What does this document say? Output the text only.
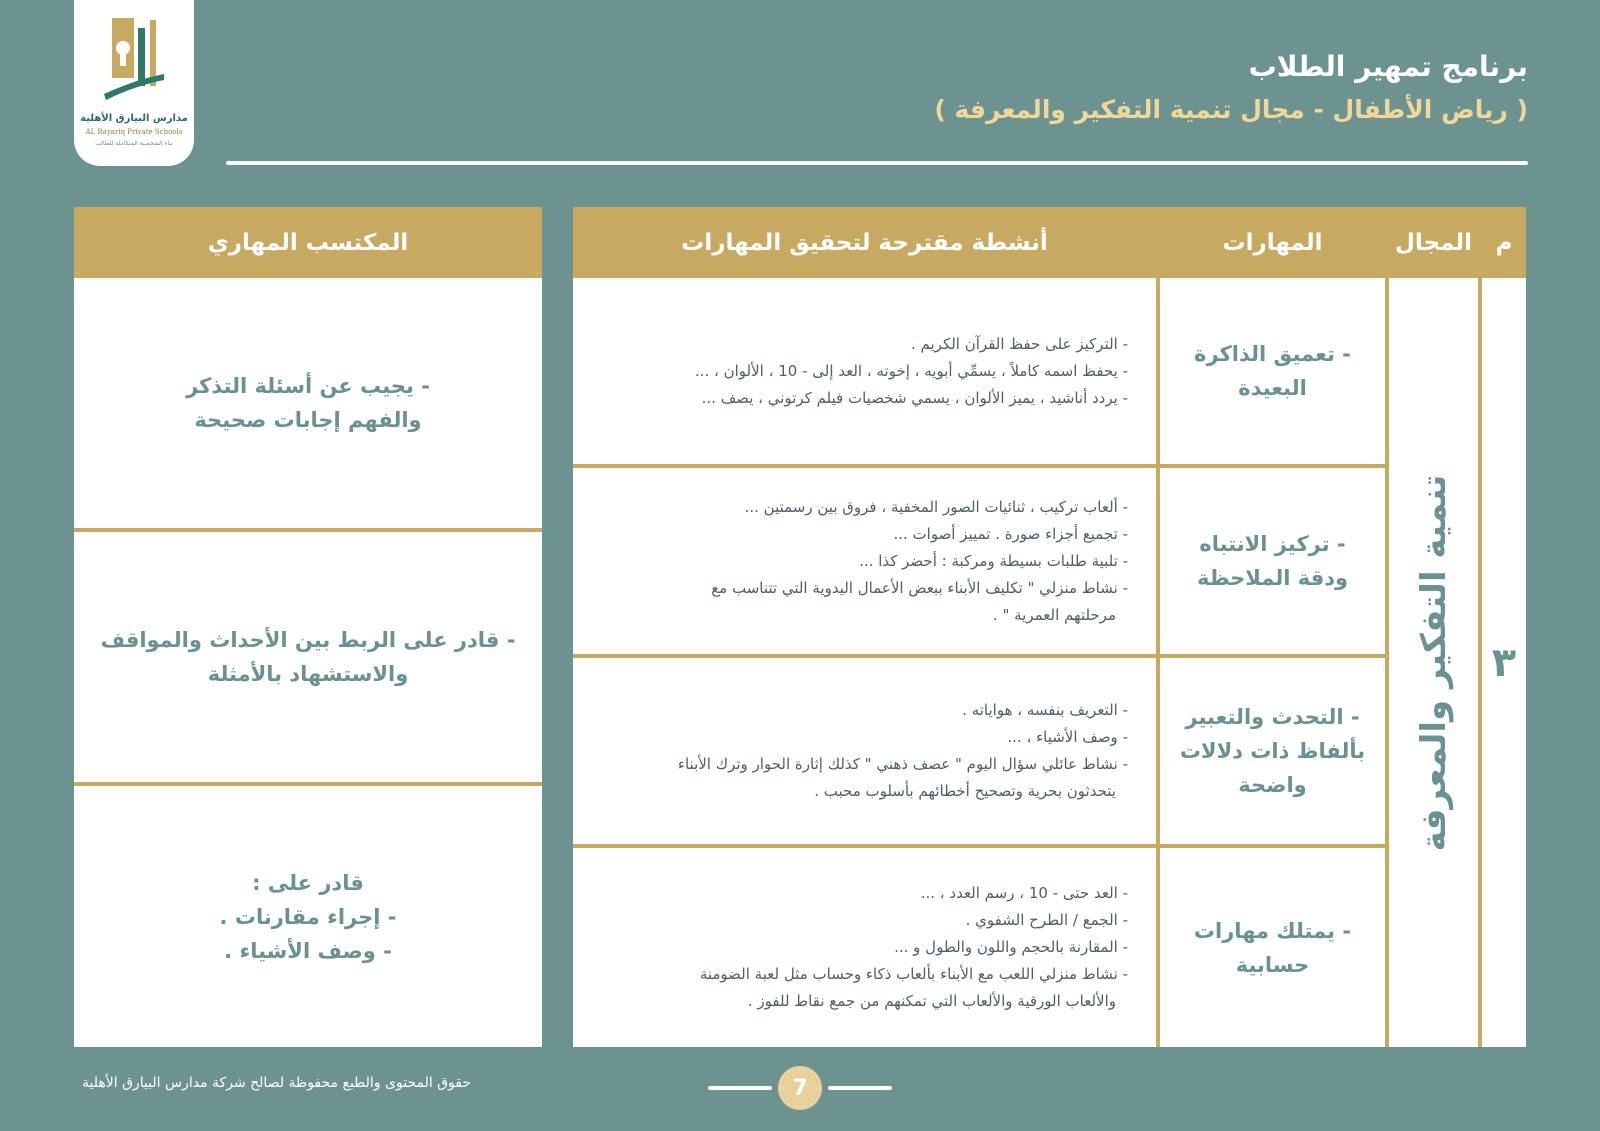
مدارس البيارق الأهلية
AL Bayariq Private Schools
بناء الشخصية المتكاملة للطالب
برنامج تمهير الطلاب
( رياض الأطفال - مجال تنمية التفكير والمعرفة )
م
المجال
المهارات
أنشطة مقترحة لتحقيق المهارات
٣
تنمية التفكير والمعرفة
- تعميق الذاكرة البعيدة
- تركيز الانتباه ودقة الملاحظة
- التحدث والتعبير بألفاظ ذات دلالات واضحة
- يمتلك مهارات حسابية
- التركيز على حفظ القرآن الكريم .
- يحفظ اسمه كاملاً ، يسمِّي أبويه ، إخوته ، العد إلى - 10 ، الألوان ، ...
- يردد أناشيد ، يميز الألوان ، يسمي شخصيات فيلم كرتوني ، يصف ...
- ألعاب تركيب ، ثنائيات الصور المخفية ، فروق بين رسمتين ...
- تجميع أجزاء صورة . تمييز أصوات ...
- تلبية طلبات بسيطة ومركبة : أحضر كذا ...
- نشاط منزلي " تكليف الأبناء ببعض الأعمال اليدوية التي تتناسب مع
مرحلتهم العمرية " .
- التعريف بنفسه ، هواياته .
- وصف الأشياء ، ...
- نشاط عائلي سؤال اليوم " عصف ذهني " كذلك إثارة الحوار وترك الأبناء
يتحدثون بحرية وتصحيح أخطائهم بأسلوب محبب .
- العد حتى - 10 ، رسم العدد ، ...
- الجمع / الطرح الشفوي .
- المقارنة بالحجم واللون والطول و ...
- نشاط منزلي اللعب مع الأبناء بألعاب ذكاء وحساب مثل لعبة الضومنة
والألعاب الورقية والألعاب التي تمكنهم من جمع نقاط للفوز .
المكتسب المهاري
- يجيب عن أسئلة التذكر
والفهم إجابات صحيحة
- قادر على الربط بين الأحداث والمواقف
والاستشهاد بالأمثلة
قادر على :
- إجراء مقارنات .
- وصف الأشياء .
حقوق المحتوى والطبع محفوظة لصالح شركة مدارس البيارق الأهلية	7
